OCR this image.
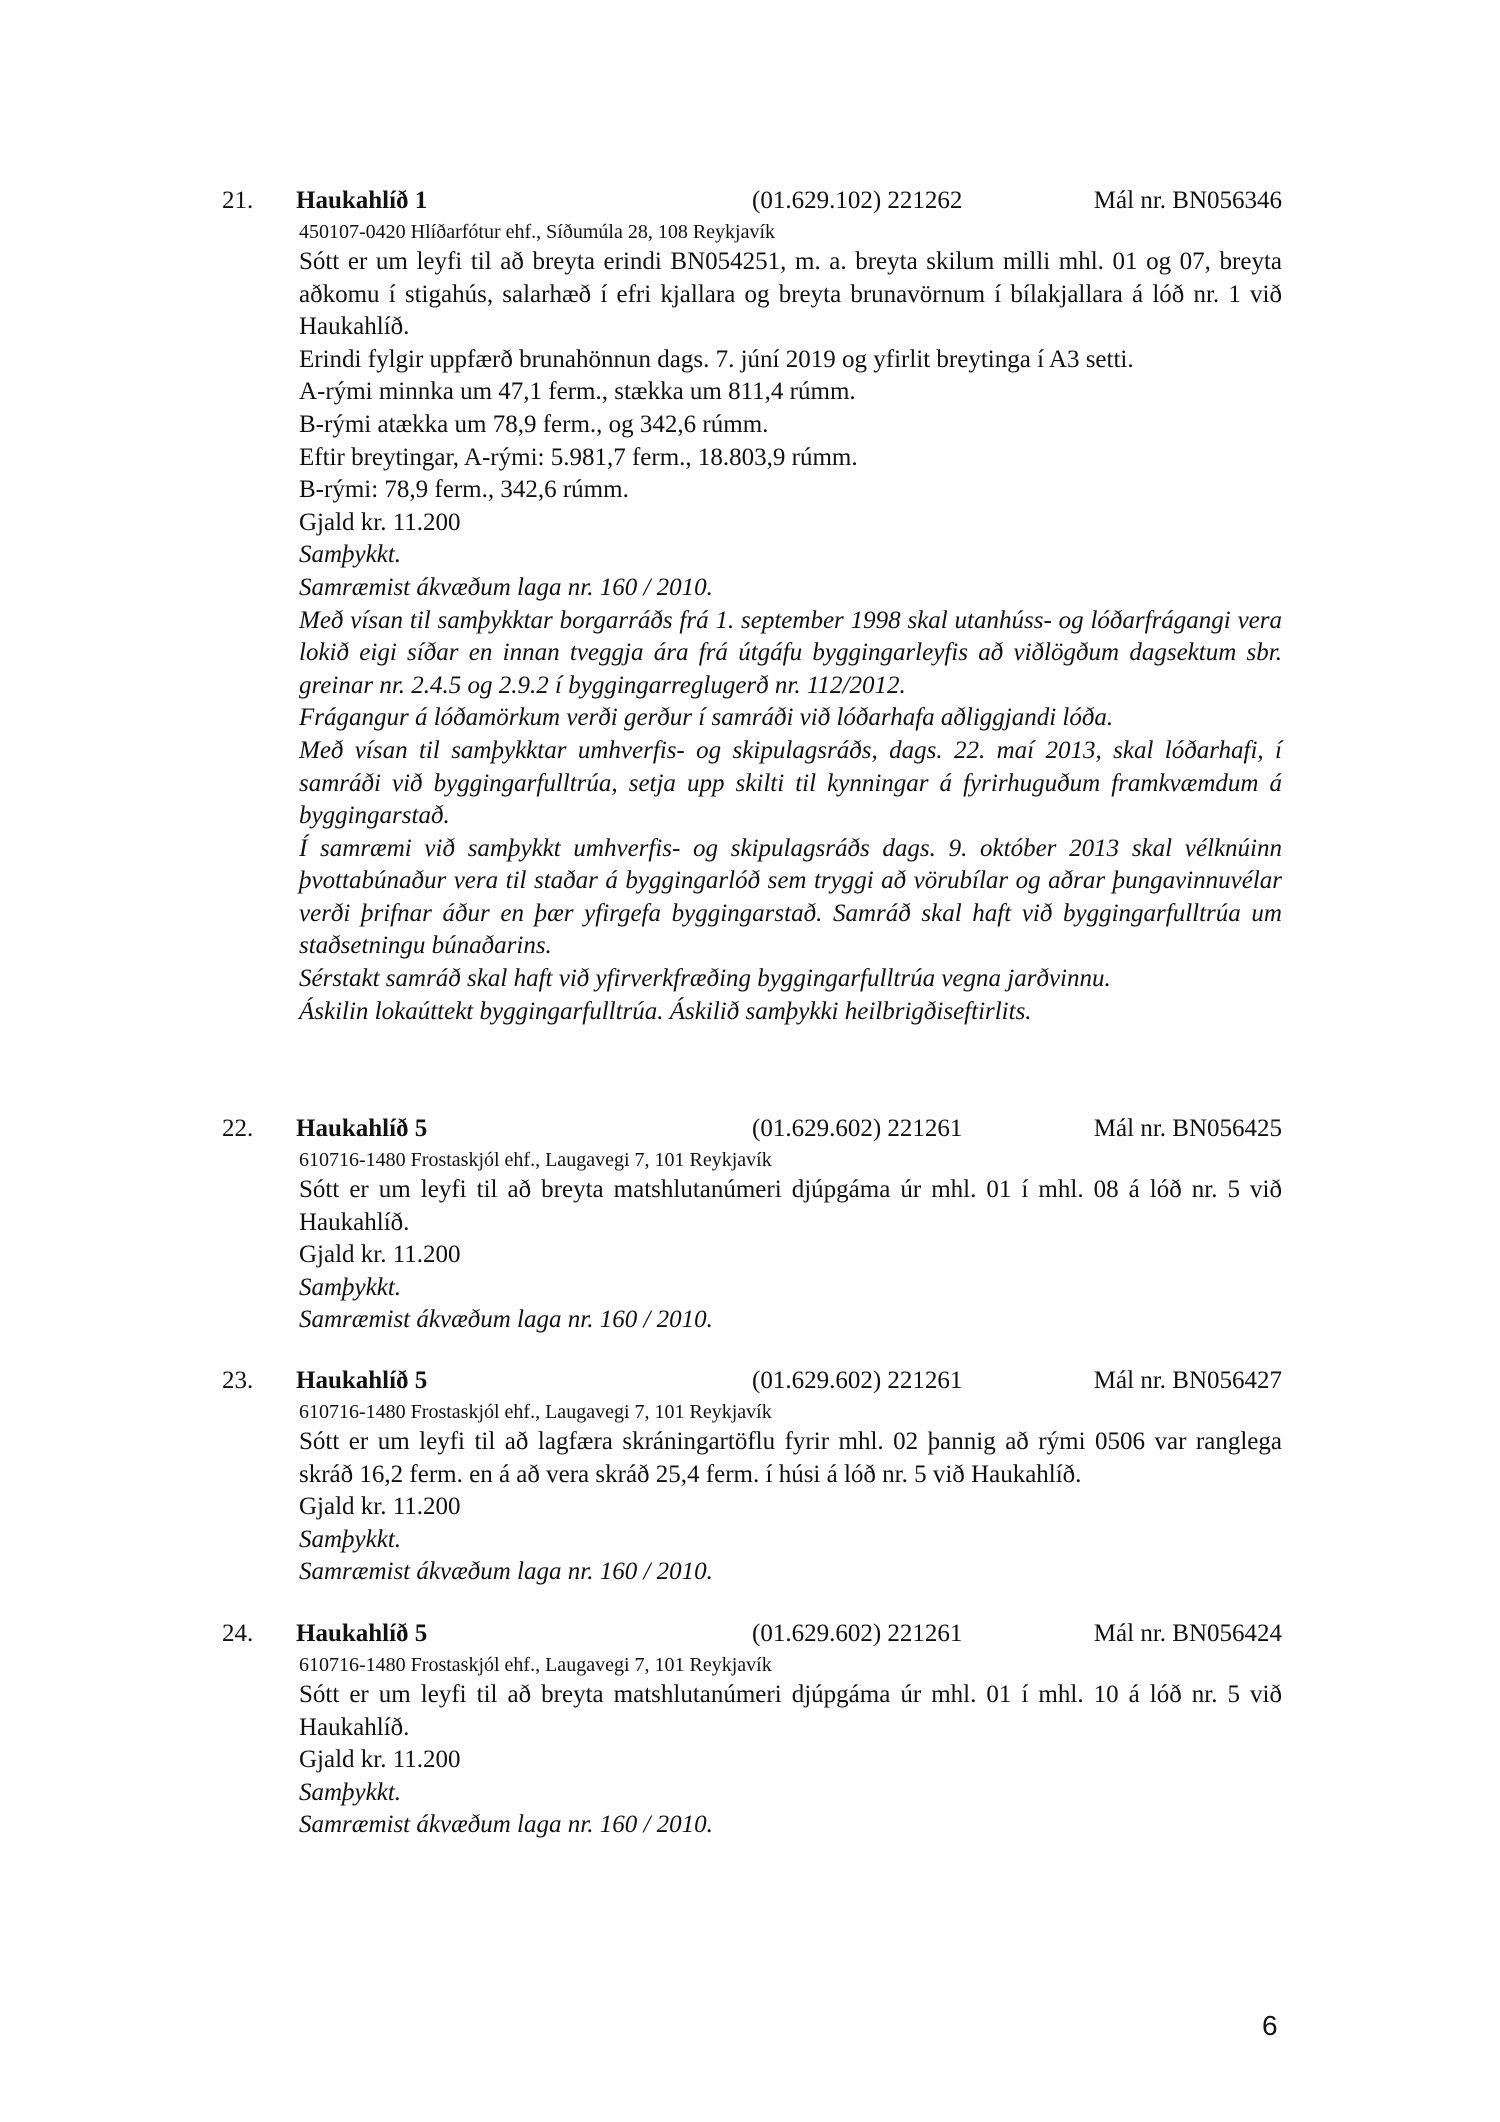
21. Haukahlíð 1	(01.629.102) 221262	Mál nr. BN056346
450107-0420 Hlíðarfótur ehf., Síðumúla 28, 108 Reykjavík
Sótt er um leyfi til að breyta erindi BN054251, m. a. breyta skilum milli mhl. 01 og 07, breyta aðkomu í stigahús, salarhæð í efri kjallara og breyta brunavörnum í bílakjallara á lóð nr. 1 við Haukahlíð.
Erindi fylgir uppfærð brunahönnun dags. 7. júní 2019 og yfirlit breytinga í A3 setti.
A-rými minnka um 47,1 ferm., stækka um 811,4 rúmm.
B-rými atækka um 78,9 ferm., og 342,6 rúmm.
Eftir breytingar, A-rými: 5.981,7 ferm., 18.803,9 rúmm.
B-rými: 78,9 ferm., 342,6 rúmm.
Gjald kr. 11.200
Samþykkt.
Samræmist ákvæðum laga nr. 160 / 2010.
Með vísan til samþykktar borgarráðs frá 1. september 1998 skal utanhúss- og lóðarfrágangi vera lokið eigi síðar en innan tveggja ára frá útgáfu byggingarleyfis að viðlögðum dagsektum sbr. greinar nr. 2.4.5 og 2.9.2 í byggingarreglugerð nr. 112/2012.
Frágangur á lóðamörkum verði gerður í samráði við lóðarhafa aðliggjandi lóða.
Með vísan til samþykktar umhverfis- og skipulagsráðs, dags. 22. maí 2013, skal lóðarhafi, í samráði við byggingarfulltrúa, setja upp skilti til kynningar á fyrirhuguðum framkvæmdum á byggingarstað.
Í samræmi við samþykkt umhverfis- og skipulagsráðs dags. 9. október 2013 skal vélknúinn þvottabúnaður vera til staðar á byggingarlóð sem tryggi að vörubílar og aðrar þungavinnuvélar verði þrifnar áður en þær yfirgefa byggingarstað. Samráð skal haft við byggingarfulltrúa um staðsetningu búnaðarins.
Sérstakt samráð skal haft við yfirverkfræðing byggingarfulltrúa vegna jarðvinnu.
Áskilin lokaúttekt byggingarfulltrúa. Áskilið samþykki heilbrigðiseftirlits.
22. Haukahlíð 5	(01.629.602) 221261	Mál nr. BN056425
610716-1480 Frostaskjól ehf., Laugavegi 7, 101 Reykjavík
Sótt er um leyfi til að breyta matshlutanúmeri djúpgáma úr mhl. 01 í mhl. 08 á lóð nr. 5 við Haukahlíð.
Gjald kr. 11.200
Samþykkt.
Samræmist ákvæðum laga nr. 160 / 2010.
23. Haukahlíð 5	(01.629.602) 221261	Mál nr. BN056427
610716-1480 Frostaskjól ehf., Laugavegi 7, 101 Reykjavík
Sótt er um leyfi til að lagfæra skráningartöflu fyrir mhl. 02 þannig að rými 0506 var ranglega skráð 16,2 ferm. en á að vera skráð 25,4 ferm. í húsi á lóð nr. 5 við Haukahlíð.
Gjald kr. 11.200
Samþykkt.
Samræmist ákvæðum laga nr. 160 / 2010.
24. Haukahlíð 5	(01.629.602) 221261	Mál nr. BN056424
610716-1480 Frostaskjól ehf., Laugavegi 7, 101 Reykjavík
Sótt er um leyfi til að breyta matshlutanúmeri djúpgáma úr mhl. 01 í mhl. 10 á lóð nr. 5 við Haukahlíð.
Gjald kr. 11.200
Samþykkt.
Samræmist ákvæðum laga nr. 160 / 2010.
6
